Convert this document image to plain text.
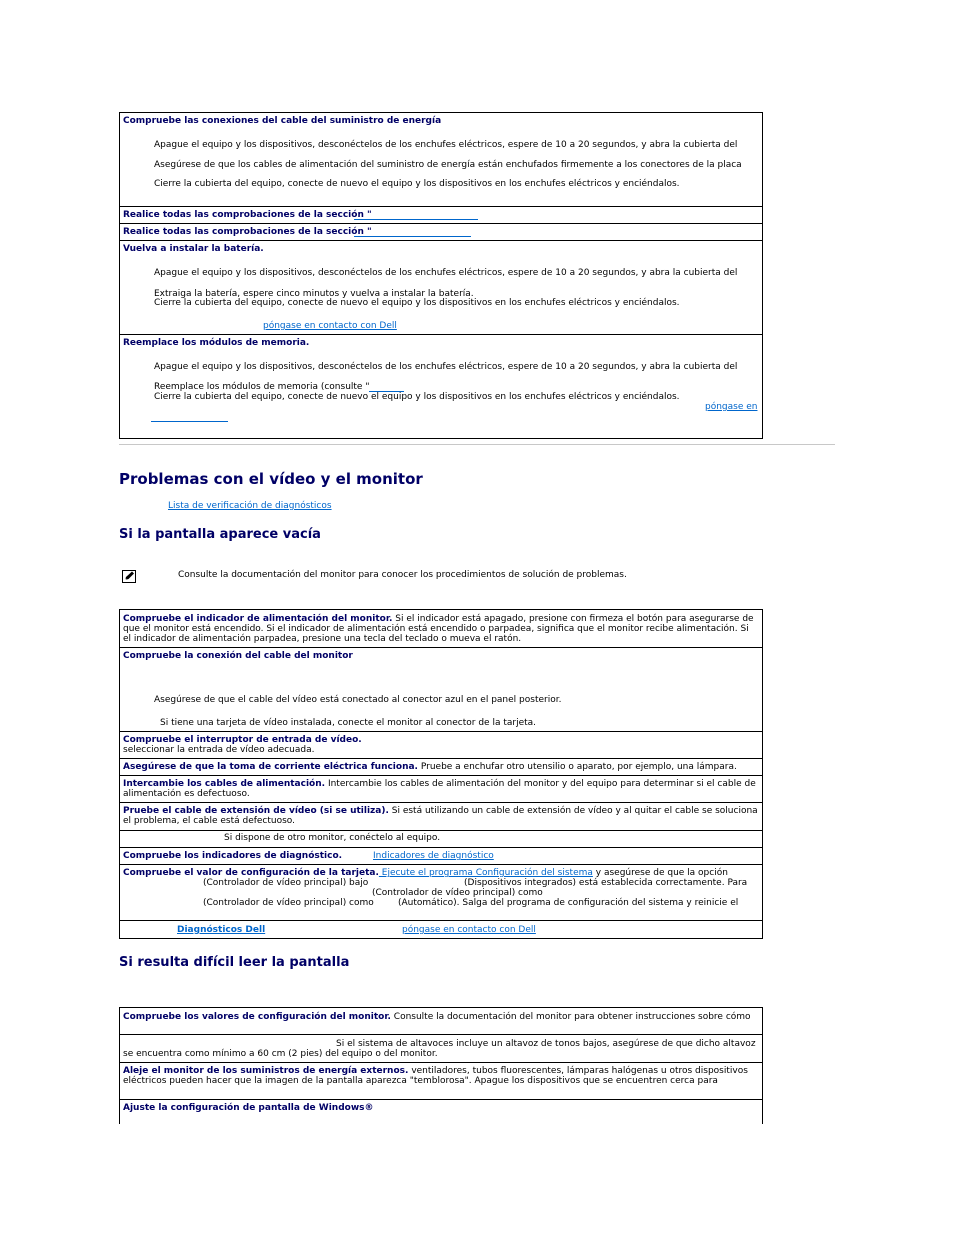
Compruebe las conexiones del cable del suministro de energía
Apague el equipo y los dispositivos, desconéctelos de los enchufes eléctricos, espere de 10 a 20 segundos, y abra la cubierta del
Asegúrese de que los cables de alimentación del suministro de energía están enchufados firmemente a los conectores de la placa
Cierre la cubierta del equipo, conecte de nuevo el equipo y los dispositivos en los enchufes eléctricos y enciéndalos.
Realice todas las comprobaciones de la sección "
Realice todas las comprobaciones de la sección "
Vuelva a instalar la batería.
Apague el equipo y los dispositivos, desconéctelos de los enchufes eléctricos, espere de 10 a 20 segundos, y abra la cubierta del
Extraiga la batería, espere cinco minutos y vuelva a instalar la batería.
Cierre la cubierta del equipo, conecte de nuevo el equipo y los dispositivos en los enchufes eléctricos y enciéndalos.
póngase en contacto con Dell
Reemplace los módulos de memoria.
Apague el equipo y los dispositivos, desconéctelos de los enchufes eléctricos, espere de 10 a 20 segundos, y abra la cubierta del
Reemplace los módulos de memoria (consulte "
Cierre la cubierta del equipo, conecte de nuevo el equipo y los dispositivos en los enchufes eléctricos y enciéndalos.
póngase en
Problemas con el vídeo y el monitor
Lista de verificación de diagnósticos
Si la pantalla aparece vacía
Consulte la documentación del monitor para conocer los procedimientos de solución de problemas.
Compruebe el indicador de alimentación del monitor. Si el indicador está apagado, presione con firmeza el botón para asegurarse de que el monitor está encendido. Si el indicador de alimentación está encendido o parpadea, significa que el monitor recibe alimentación. Si el indicador de alimentación parpadea, presione una tecla del teclado o mueva el ratón.
Compruebe la conexión del cable del monitor
Asegúrese de que el cable del vídeo está conectado al conector azul en el panel posterior.
Si tiene una tarjeta de vídeo instalada, conecte el monitor al conector de la tarjeta.
Compruebe el interruptor de entrada de vídeo.
seleccionar la entrada de vídeo adecuada.
Asegúrese de que la toma de corriente eléctrica funciona. Pruebe a enchufar otro utensilio o aparato, por ejemplo, una lámpara.
Intercambie los cables de alimentación. Intercambie los cables de alimentación del monitor y del equipo para determinar si el cable de alimentación es defectuoso.
Pruebe el cable de extensión de vídeo (si se utiliza). Si está utilizando un cable de extensión de vídeo y al quitar el cable se soluciona el problema, el cable está defectuoso.
Si dispone de otro monitor, conéctelo al equipo.
Compruebe los indicadores de diagnóstico.	Indicadores de diagnóstico
Compruebe el valor de configuración de la tarjeta. Ejecute el programa Configuración del sistema y asegúrese de que la opción
(Controlador de vídeo principal) bajo	(Dispositivos integrados) está establecida correctamente. Para
(Controlador de vídeo principal) como
(Controlador de vídeo principal) como	(Automático). Salga del programa de configuración del sistema y reinicie el
Diagnósticos Dell	póngase en contacto con Dell
Si resulta difícil leer la pantalla
Compruebe los valores de configuración del monitor. Consulte la documentación del monitor para obtener instrucciones sobre cómo
Si el sistema de altavoces incluye un altavoz de tonos bajos, asegúrese de que dicho altavoz
se encuentra como mínimo a 60 cm (2 pies) del equipo o del monitor.
Aleje el monitor de los suministros de energía externos. ventiladores, tubos fluorescentes, lámparas halógenas u otros dispositivos
eléctricos pueden hacer que la imagen de la pantalla aparezca "temblorosa". Apague los dispositivos que se encuentren cerca para
Ajuste la configuración de pantalla de Windows®
